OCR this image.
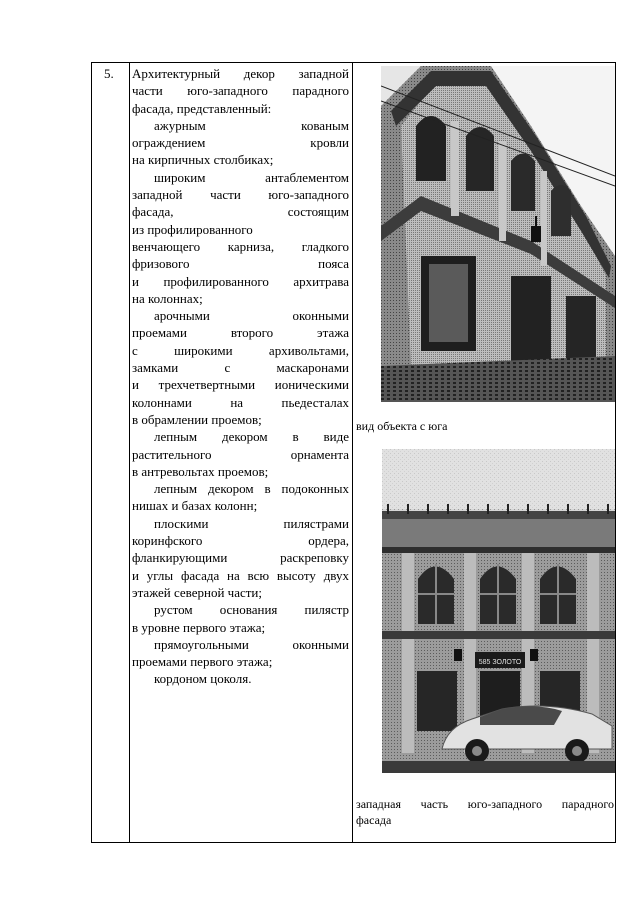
5. Архитектурный декор западной
части юго-западного парадного
фасада, представленный:
ажурным кованым
ограждением кровли
на кирпичных столбиках;
широким антаблементом
западной части юго-западного
фасада, состоящим
из профилированного
венчающего карниза, гладкого
фризового пояса
и профилированного архитрава
на колоннах;
арочными оконными
проемами второго этажа
с широкими архивольтами,
замками с маскаронами
и трехчетвертными ионическими
колоннами на пьедесталах
в обрамлении проемов;
лепным декором в виде
растительного орнамента
в антревольтах проемов;
лепным декором в подоконных
нишах и базах колонн;
плоскими пилястрами
коринфского ордера,
фланкирующими раскреповку
и углы фасада на всю высоту двух
этажей северной части;
рустом основания пилястр
в уровне первого этажа;
прямоугольными оконными
проемами первого этажа;
кордоном цоколя.
вид объекта с юга
585 ЗОЛОТО
западная часть юго-западного парадного
фасада
